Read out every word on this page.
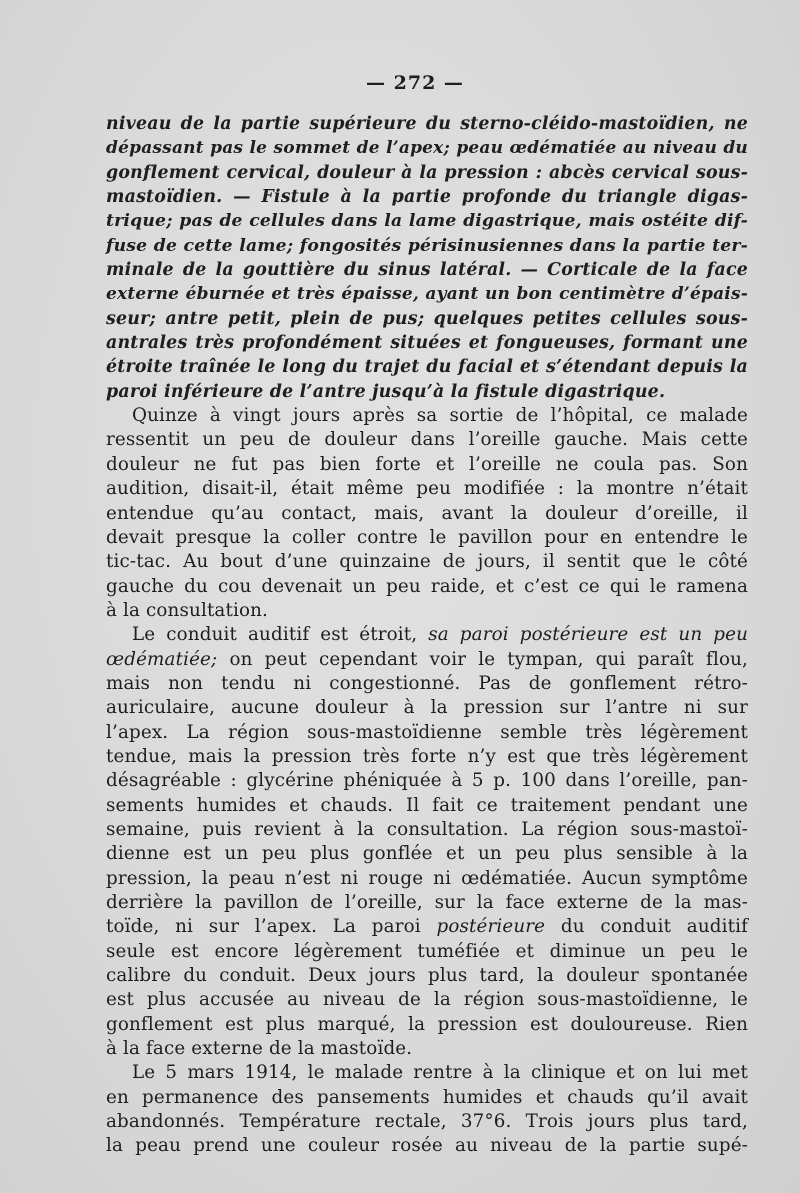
— 272 —
niveau de la partie supérieure du sterno-cléido-mastoïdien, ne
dépassant pas le sommet de l’apex; peau œdématiée au niveau du
gonflement cervical, douleur à la pression : abcès cervical sous-
mastoïdien. — Fistule à la partie profonde du triangle digas-
trique; pas de cellules dans la lame digastrique, mais ostéite dif-
fuse de cette lame; fongosités périsinusiennes dans la partie ter-
minale de la gouttière du sinus latéral. — Corticale de la face
externe éburnée et très épaisse, ayant un bon centimètre d’épais-
seur; antre petit, plein de pus; quelques petites cellules sous-
antrales très profondément situées et fongueuses, formant une
étroite traînée le long du trajet du facial et s’étendant depuis la
paroi inférieure de l’antre jusqu’à la fistule digastrique.
Quinze à vingt jours après sa sortie de l’hôpital, ce malade
ressentit un peu de douleur dans l’oreille gauche. Mais cette
douleur ne fut pas bien forte et l’oreille ne coula pas. Son
audition, disait-il, était même peu modifiée : la montre n’était
entendue qu’au contact, mais, avant la douleur d’oreille, il
devait presque la coller contre le pavillon pour en entendre le
tic-tac. Au bout d’une quinzaine de jours, il sentit que le côté
gauche du cou devenait un peu raide, et c’est ce qui le ramena
à la consultation.
Le conduit auditif est étroit, sa paroi postérieure est un peu
œdématiée; on peut cependant voir le tympan, qui paraît flou,
mais non tendu ni congestionné. Pas de gonflement rétro-
auriculaire, aucune douleur à la pression sur l’antre ni sur
l’apex. La région sous-mastoïdienne semble très légèrement
tendue, mais la pression très forte n’y est que très légèrement
désagréable : glycérine phéniquée à 5 p. 100 dans l’oreille, pan-
sements humides et chauds. Il fait ce traitement pendant une
semaine, puis revient à la consultation. La région sous-mastoï-
dienne est un peu plus gonflée et un peu plus sensible à la
pression, la peau n’est ni rouge ni œdématiée. Aucun symptôme
derrière la pavillon de l’oreille, sur la face externe de la mas-
toïde, ni sur l’apex. La paroi postérieure du conduit auditif
seule est encore légèrement tuméfiée et diminue un peu le
calibre du conduit. Deux jours plus tard, la douleur spontanée
est plus accusée au niveau de la région sous-mastoïdienne, le
gonflement est plus marqué, la pression est douloureuse. Rien
à la face externe de la mastoïde.
Le 5 mars 1914, le malade rentre à la clinique et on lui met
en permanence des pansements humides et chauds qu’il avait
abandonnés. Température rectale, 37°6. Trois jours plus tard,
la peau prend une couleur rosée au niveau de la partie supé-
